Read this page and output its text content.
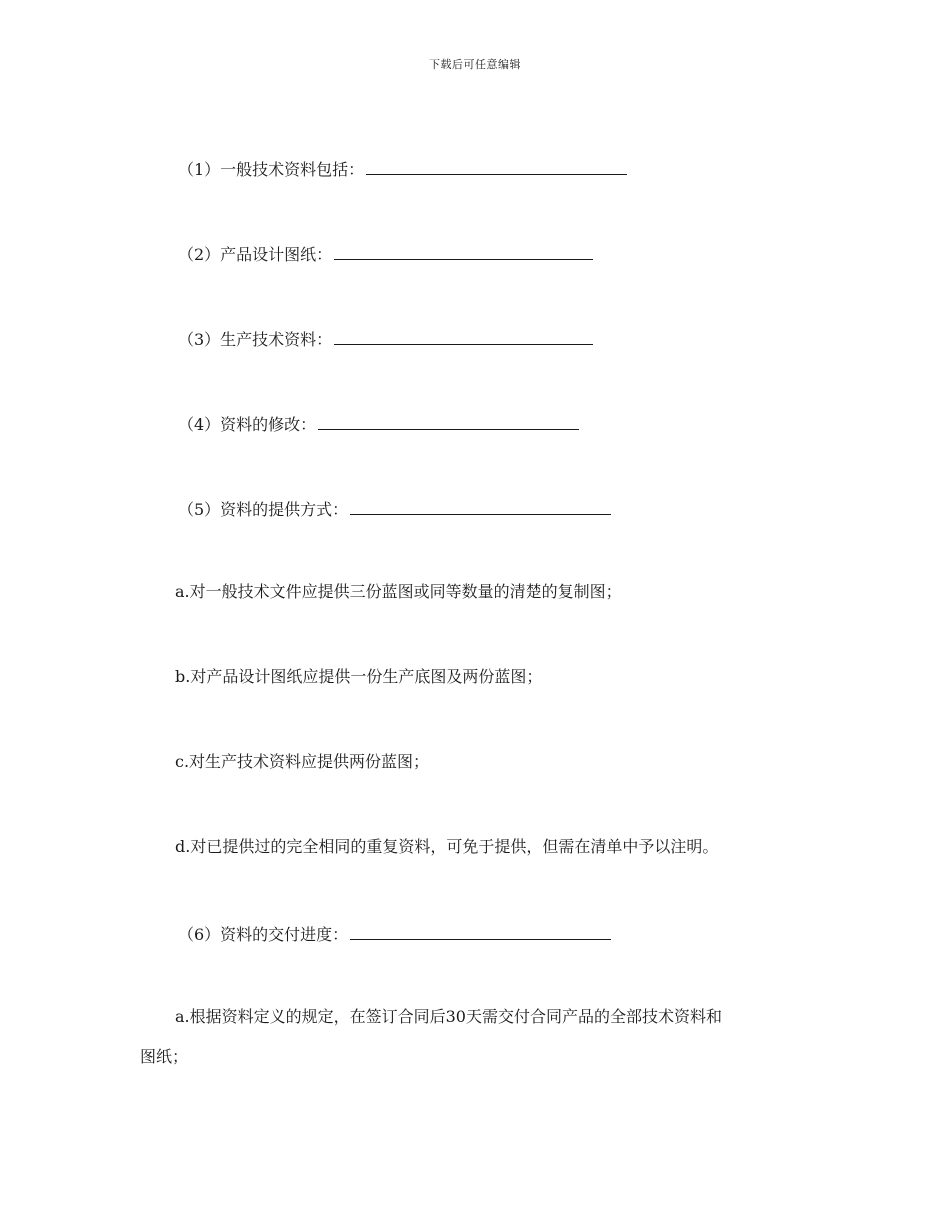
下载后可任意编辑
（1）一般技术资料包括：
（2）产品设计图纸：
（3）生产技术资料：
（4）资料的修改：
（5）资料的提供方式：
a.对一般技术文件应提供三份蓝图或同等数量的清楚的复制图；
b.对产品设计图纸应提供一份生产底图及两份蓝图；
c.对生产技术资料应提供两份蓝图；
d.对已提供过的完全相同的重复资料，可免于提供，但需在清单中予以注明。
（6）资料的交付进度：
a.根据资料定义的规定，在签订合同后30天需交付合同产品的全部技术资料和
图纸；
